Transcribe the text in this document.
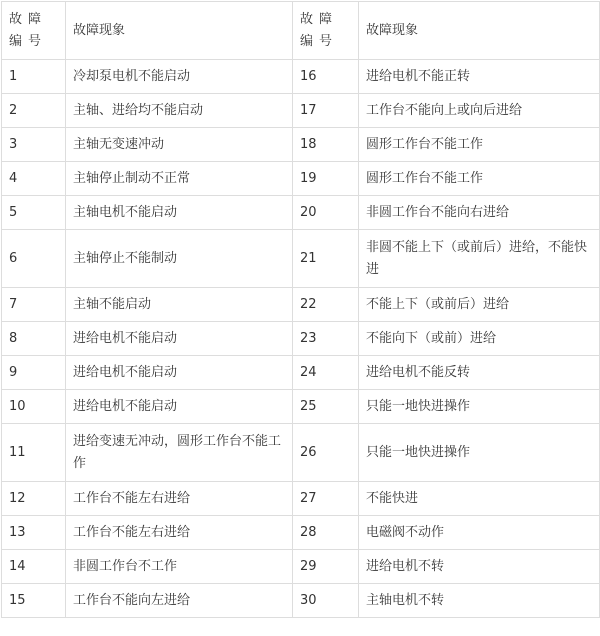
故障编号	故障现象	故障编号	故障现象
1	冷却泵电机不能启动	16	进给电机不能正转
2	主轴、进给均不能启动	17	工作台不能向上或向后进给
3	主轴无变速冲动	18	圆形工作台不能工作
4	主轴停止制动不正常	19	圆形工作台不能工作
5	主轴电机不能启动	20	非圆工作台不能向右进给
6	主轴停止不能制动	21	非圆不能上下（或前后）进给，不能快进
7	主轴不能启动	22	不能上下（或前后）进给
8	进给电机不能启动	23	不能向下（或前）进给
9	进给电机不能启动	24	进给电机不能反转
10	进给电机不能启动	25	只能一地快进操作
11	进给变速无冲动，圆形工作台不能工作	26	只能一地快进操作
12	工作台不能左右进给	27	不能快进
13	工作台不能左右进给	28	电磁阀不动作
14	非圆工作台不工作	29	进给电机不转
15	工作台不能向左进给	30	主轴电机不转
